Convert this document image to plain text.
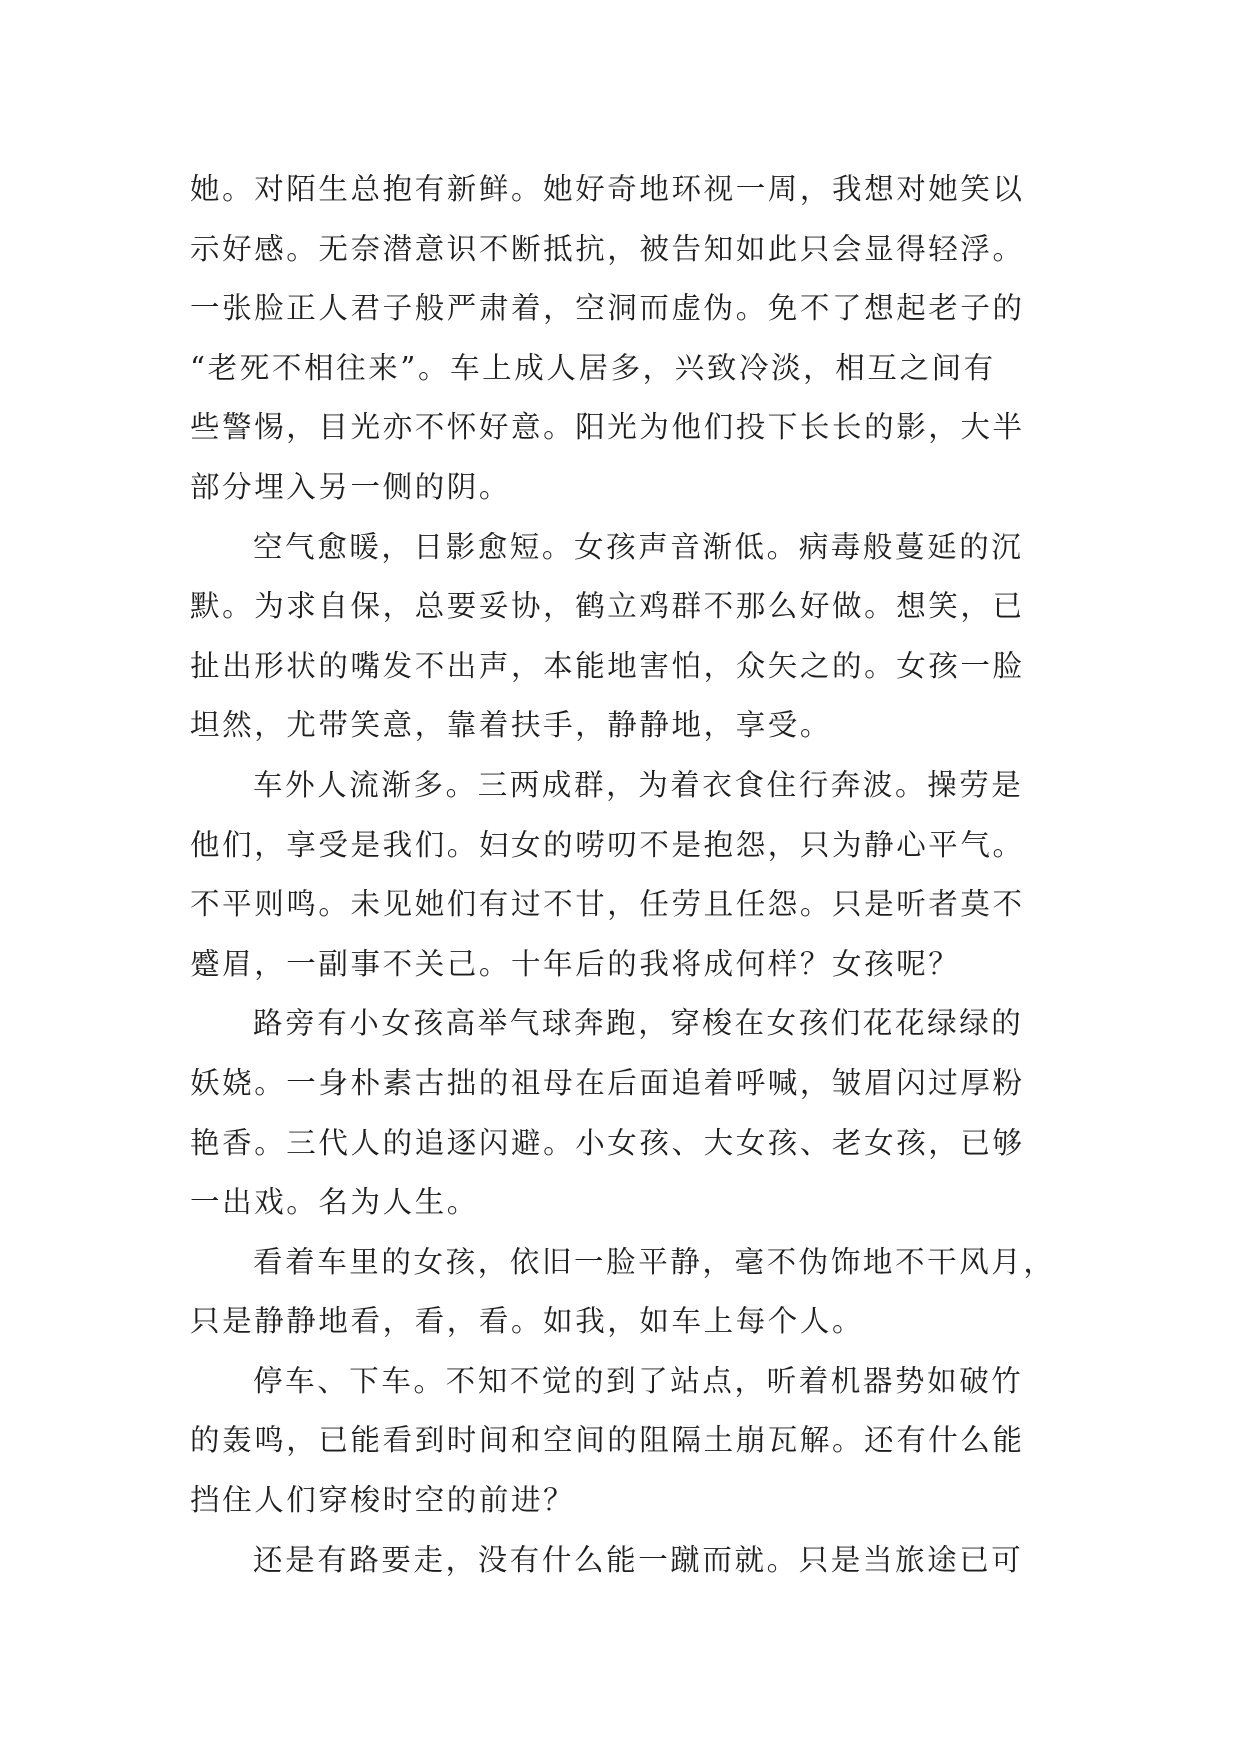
她。对陌生总抱有新鲜。她好奇地环视一周，我想对她笑以
示好感。无奈潜意识不断抵抗，被告知如此只会显得轻浮。
一张脸正人君子般严肃着，空洞而虚伪。免不了想起老子的
“老死不相往来”。车上成人居多，兴致冷淡，相互之间有
些警惕，目光亦不怀好意。阳光为他们投下长长的影，大半
部分埋入另一侧的阴。
空气愈暖，日影愈短。女孩声音渐低。病毒般蔓延的沉
默。为求自保，总要妥协，鹤立鸡群不那么好做。想笑，已
扯出形状的嘴发不出声，本能地害怕，众矢之的。女孩一脸
坦然，尤带笑意，靠着扶手，静静地，享受。
车外人流渐多。三两成群，为着衣食住行奔波。操劳是
他们，享受是我们。妇女的唠叨不是抱怨，只为静心平气。
不平则鸣。未见她们有过不甘，任劳且任怨。只是听者莫不
蹙眉，一副事不关己。十年后的我将成何样？女孩呢？
路旁有小女孩高举气球奔跑，穿梭在女孩们花花绿绿的
妖娆。一身朴素古拙的祖母在后面追着呼喊，皱眉闪过厚粉
艳香。三代人的追逐闪避。小女孩、大女孩、老女孩，已够
一出戏。名为人生。
看着车里的女孩，依旧一脸平静，毫不伪饰地不干风月，
只是静静地看，看，看。如我，如车上每个人。
停车、下车。不知不觉的到了站点，听着机器势如破竹
的轰鸣，已能看到时间和空间的阻隔土崩瓦解。还有什么能
挡住人们穿梭时空的前进？
还是有路要走，没有什么能一蹴而就。只是当旅途已可
